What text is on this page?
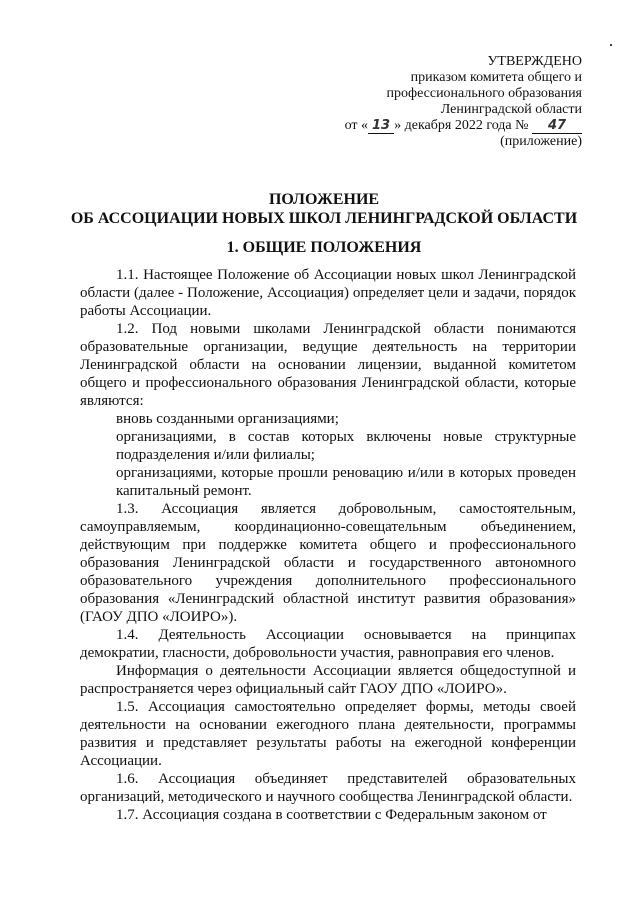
УТВЕРЖДЕНО
приказом комитета общего и
профессионального образования
Ленинградской области
от « 13 » декабря 2022 года № 47
(приложение)
ПОЛОЖЕНИЕ
ОБ АССОЦИАЦИИ НОВЫХ ШКОЛ ЛЕНИНГРАДСКОЙ ОБЛАСТИ
1. ОБЩИЕ ПОЛОЖЕНИЯ

1.1. Настоящее Положение об Ассоциации новых школ Ленинградской области (далее - Положение, Ассоциация) определяет цели и задачи, порядок работы Ассоциации.

1.2. Под новыми школами Ленинградской области понимаются образовательные организации, ведущие деятельность на территории Ленинградской области на основании лицензии, выданной комитетом общего и профессионального образования Ленинградской области, которые являются:

вновь созданными организациями;

организациями, в состав которых включены новые структурные подразделения и/или филиалы;

организациями, которые прошли реновацию и/или в которых проведен капитальный ремонт.

1.3. Ассоциация является добровольным, самостоятельным, самоуправляемым, координационно-совещательным объединением, действующим при поддержке комитета общего и профессионального образования Ленинградской области и государственного автономного образовательного учреждения дополнительного профессионального образования «Ленинградский областной институт развития образования» (ГАОУ ДПО «ЛОИРО»).

1.4. Деятельность Ассоциации основывается на принципах демократии, гласности, добровольности участия, равноправия его членов.

Информация о деятельности Ассоциации является общедоступной и распространяется через официальный сайт ГАОУ ДПО «ЛОИРО».

1.5. Ассоциация самостоятельно определяет формы, методы своей деятельности на основании ежегодного плана деятельности, программы развития и представляет результаты работы на ежегодной конференции Ассоциации.

1.6. Ассоциация объединяет представителей образовательных организаций, методического и научного сообщества Ленинградской области.

1.7. Ассоциация создана в соответствии с Федеральным законом от
